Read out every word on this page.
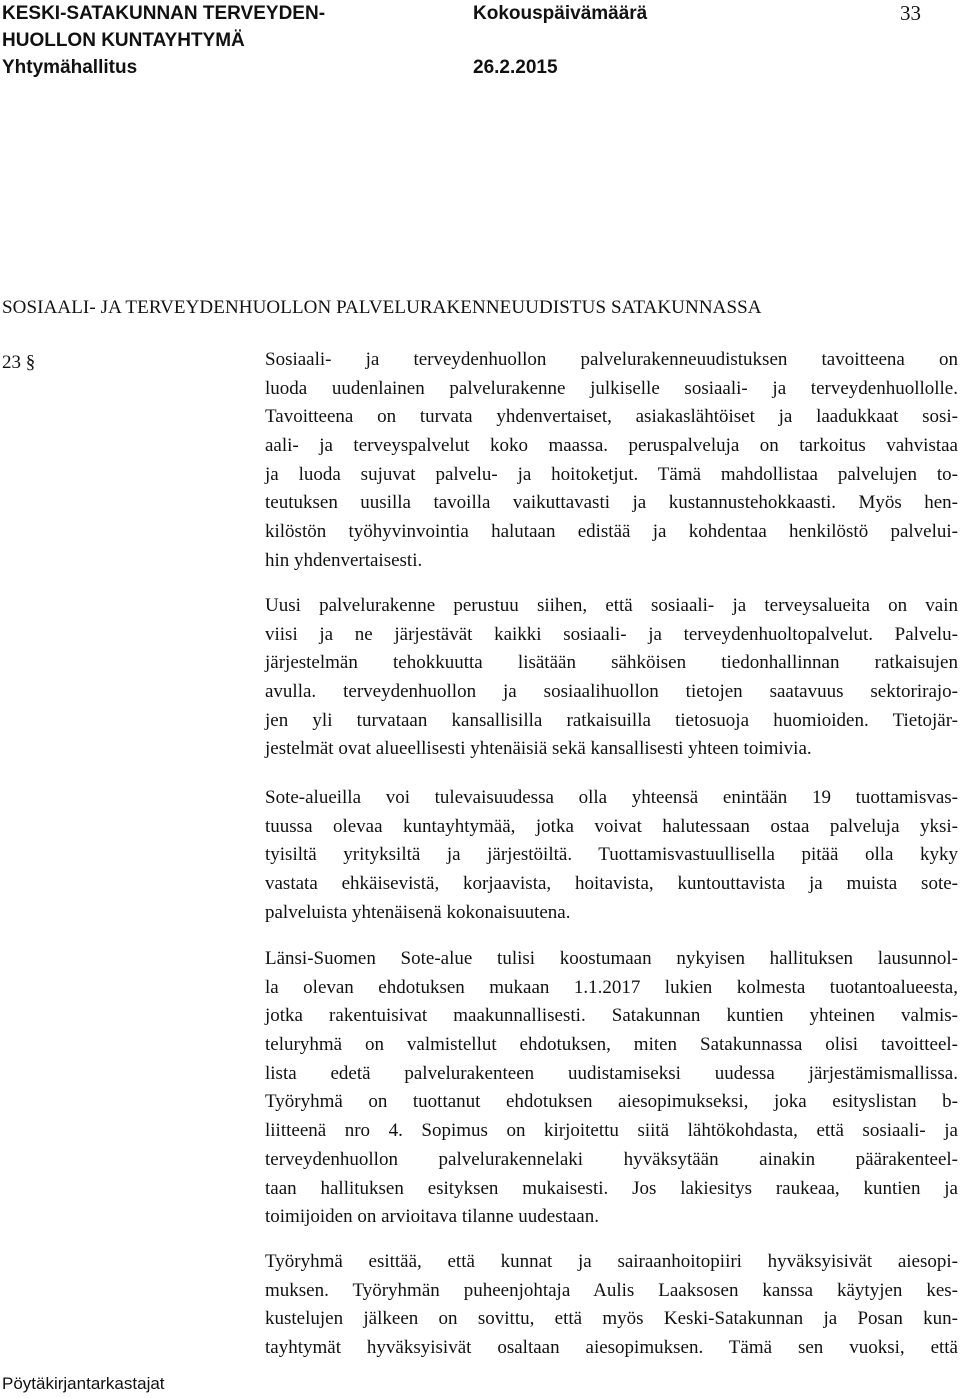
KESKI-SATAKUNNAN TERVEYDEN-
HUOLLON KUNTAYHTYMÄ
Yhtymähallitus
Kokouspäivämäärä
26.2.2015
33
SOSIAALI- JA TERVEYDENHUOLLON PALVELURAKENNEUUDISTUS SATAKUNNASSA
23 §	Sosiaali- ja terveydenhuollon palvelurakenneuudistuksen tavoitteena on
luoda uudenlainen palvelurakenne julkiselle sosiaali- ja terveydenhuollolle.
Tavoitteena on turvata yhdenvertaiset, asiakaslähtöiset ja laadukkaat sosi-
aali- ja terveyspalvelut koko maassa. peruspalveluja on tarkoitus vahvistaa
ja luoda sujuvat palvelu- ja hoitoketjut. Tämä mahdollistaa palvelujen to-
teutuksen uusilla tavoilla vaikuttavasti ja kustannustehokkaasti. Myös hen-
kilöstön työhyvinvointia halutaan edistää ja kohdentaa henkilöstö palvelui-
hin yhdenvertaisesti.
Uusi palvelurakenne perustuu siihen, että sosiaali- ja terveysalueita on vain
viisi ja ne järjestävät kaikki sosiaali- ja terveydenhuoltopalvelut. Palvelu-
järjestelmän tehokkuutta lisätään sähköisen tiedonhallinnan ratkaisujen
avulla. terveydenhuollon ja sosiaalihuollon tietojen saatavuus sektorirajo-
jen yli turvataan kansallisilla ratkaisuilla tietosuoja huomioiden. Tietojär-
jestelmät ovat alueellisesti yhtenäisiä sekä kansallisesti yhteen toimivia.
Sote-alueilla voi tulevaisuudessa olla yhteensä enintään 19 tuottamisvas-
tuussa olevaa kuntayhtymää, jotka voivat halutessaan ostaa palveluja yksi-
tyisiltä yrityksiltä ja järjestöiltä. Tuottamisvastuullisella pitää olla kyky
vastata ehkäisevistä, korjaavista, hoitavista, kuntouttavista ja muista sote-
palveluista yhtenäisenä kokonaisuutena.
Länsi-Suomen Sote-alue tulisi koostumaan nykyisen hallituksen lausunnol-
la olevan ehdotuksen mukaan 1.1.2017 lukien kolmesta tuotantoalueesta,
jotka rakentuisivat maakunnallisesti. Satakunnan kuntien yhteinen valmis-
teluryhmä on valmistellut ehdotuksen, miten Satakunnassa olisi tavoitteel-
lista edetä palvelurakenteen uudistamiseksi uudessa järjestämismallissa.
Työryhmä on tuottanut ehdotuksen aiesopimukseksi, joka esityslistan b-
liitteenä nro 4. Sopimus on kirjoitettu siitä lähtökohdasta, että sosiaali- ja
terveydenhuollon palvelurakennelaki hyväksytään ainakin päärakenteel-
taan hallituksen esityksen mukaisesti. Jos lakiesitys raukeaa, kuntien ja
toimijoiden on arvioitava tilanne uudestaan.
Työryhmä esittää, että kunnat ja sairaanhoitopiiri hyväksyisivät aiesopi-
muksen. Työryhmän puheenjohtaja Aulis Laaksosen kanssa käytyjen kes-
kustelujen jälkeen on sovittu, että myös Keski-Satakunnan ja Posan kun-
tayhtymät hyväksyisivät osaltaan aiesopimuksen. Tämä sen vuoksi, että
Pöytäkirjantarkastajat
